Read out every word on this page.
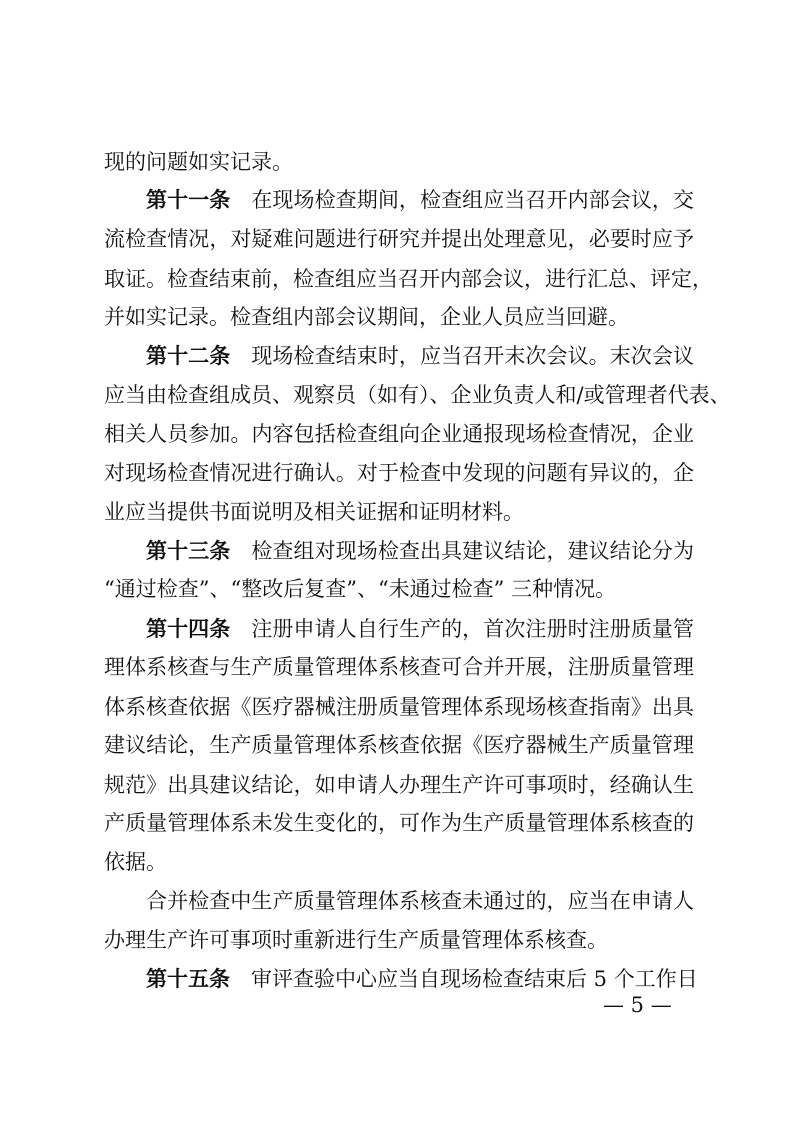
现的问题如实记录。

第十一条 在现场检查期间，检查组应当召开内部会议，交

流检查情况，对疑难问题进行研究并提出处理意见，必要时应予

取证。检查结束前，检查组应当召开内部会议，进行汇总、评定，

并如实记录。检查组内部会议期间，企业人员应当回避。

第十二条 现场检查结束时，应当召开末次会议。末次会议

应当由检查组成员、观察员（如有）、企业负责人和/或管理者代表、

相关人员参加。内容包括检查组向企业通报现场检查情况，企业

对现场检查情况进行确认。对于检查中发现的问题有异议的，企

业应当提供书面说明及相关证据和证明材料。

第十三条 检查组对现场检查出具建议结论，建议结论分为

“通过检查”、“整改后复查”、“未通过检查” 三种情况。

第十四条 注册申请人自行生产的，首次注册时注册质量管

理体系核查与生产质量管理体系核查可合并开展，注册质量管理

体系核查依据《医疗器械注册质量管理体系现场核查指南》出具

建议结论，生产质量管理体系核查依据《医疗器械生产质量管理

规范》出具建议结论，如申请人办理生产许可事项时，经确认生

产质量管理体系未发生变化的，可作为生产质量管理体系核查的

依据。

合并检查中生产质量管理体系核查未通过的，应当在申请人

办理生产许可事项时重新进行生产质量管理体系核查。

第十五条 审评查验中心应当自现场检查结束后 5 个工作日

— 5 —
